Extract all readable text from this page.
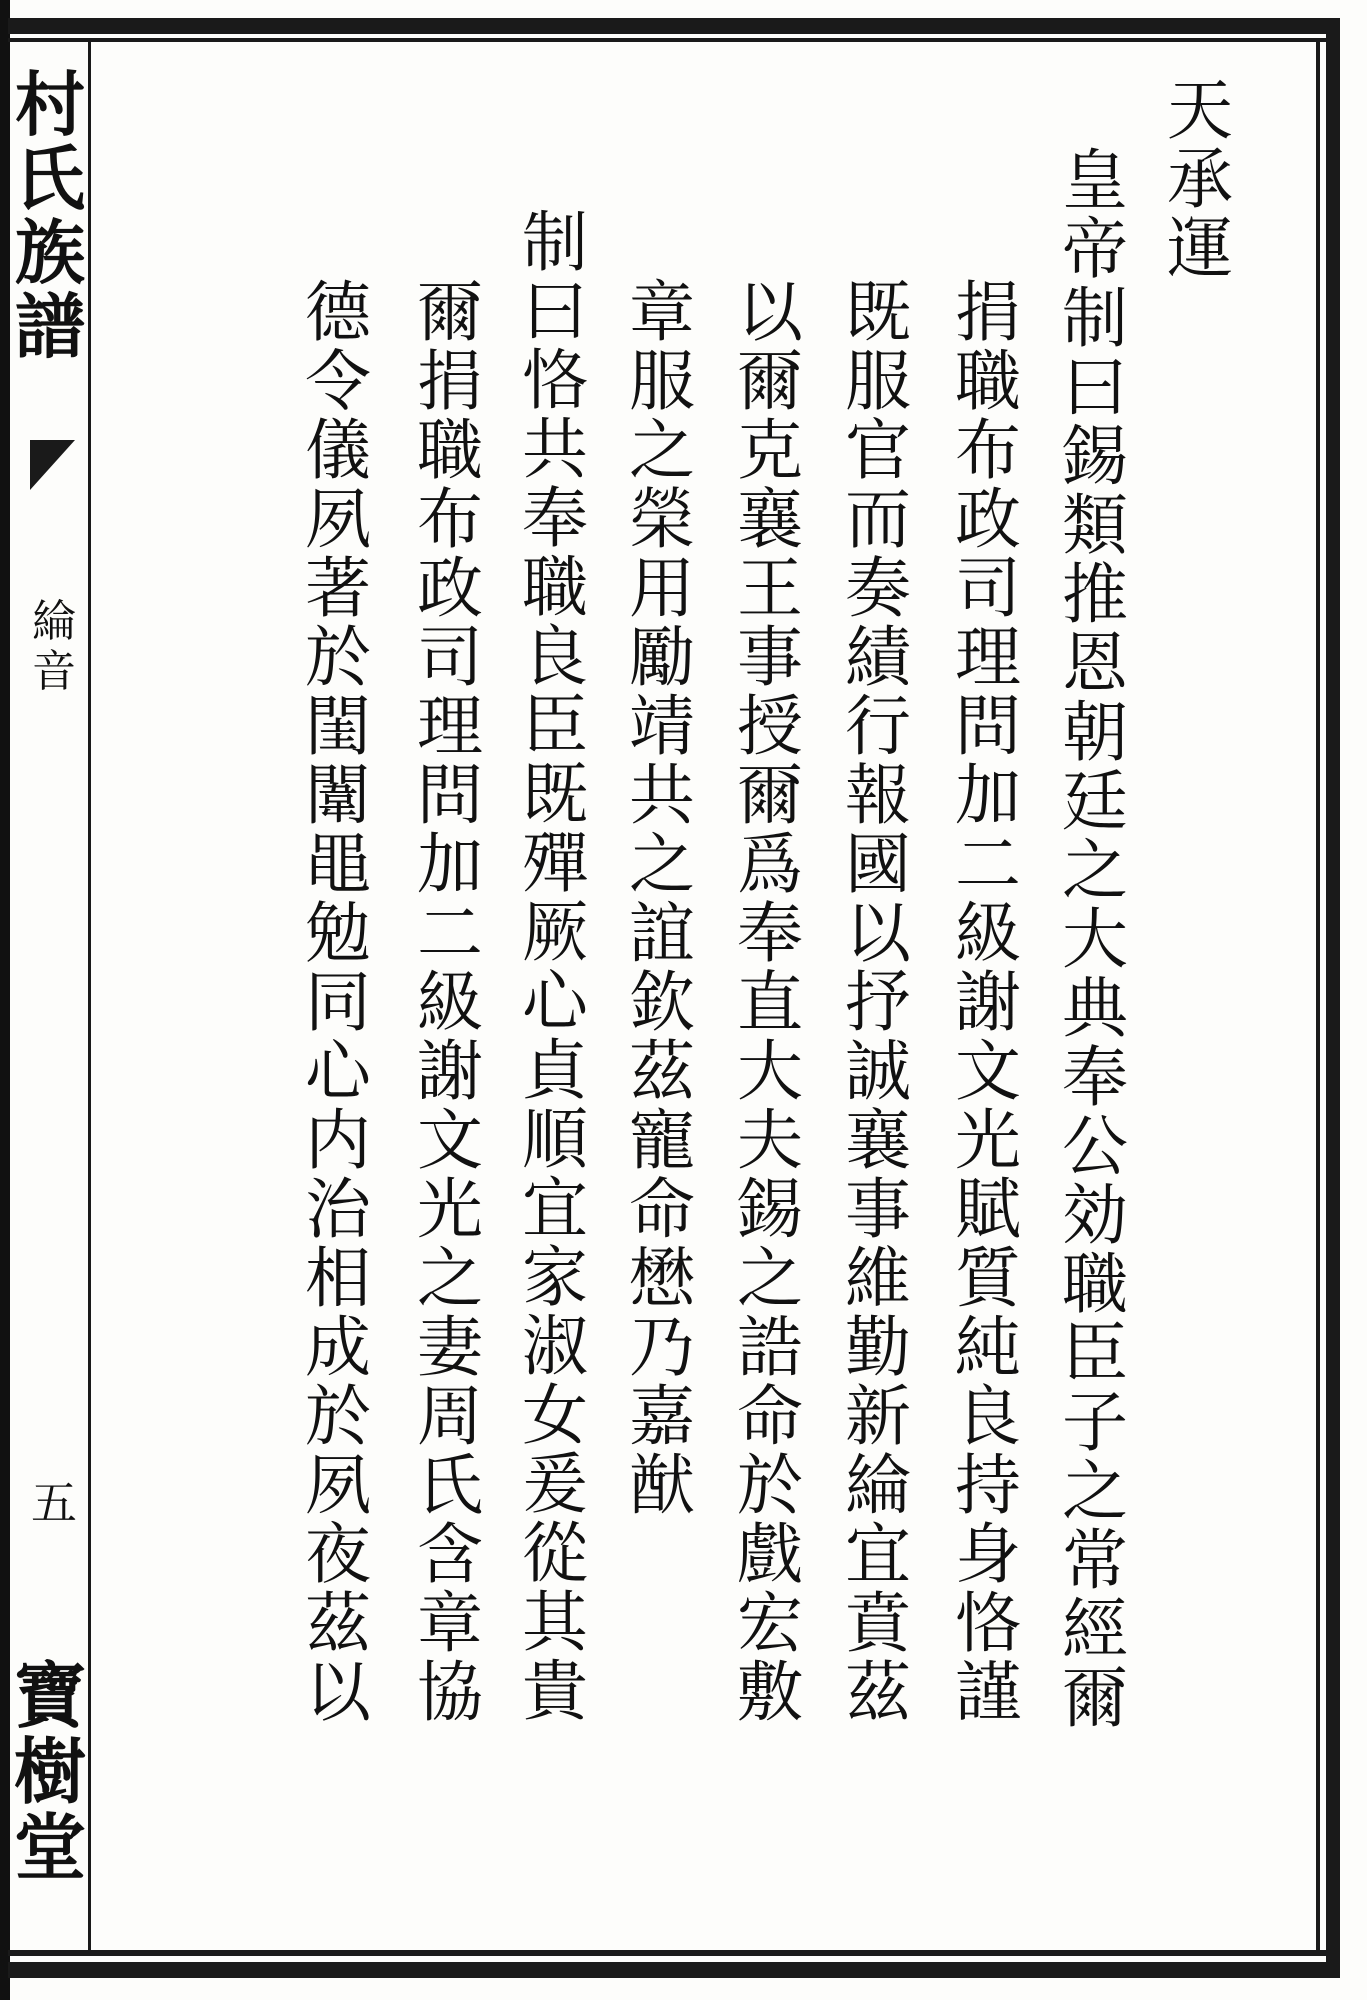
村
氏
族
譜
綸
音
五
寶
樹
堂
天
承
運
皇
帝
制
曰
錫
類
推
恩
朝
廷
之
大
典
奉
公
効
職
臣
子
之
常
經
爾
捐
職
布
政
司
理
問
加
二
級
謝
文
光
賦
質
純
良
持
身
恪
謹
既
服
官
而
奏
績
行
報
國
以
抒
誠
襄
事
維
勤
新
綸
宜
賁
茲
以
爾
克
襄
王
事
授
爾
爲
奉
直
大
夫
錫
之
誥
命
於
戲
宏
敷
章
服
之
榮
用
勵
靖
共
之
誼
欽
茲
寵
命
懋
乃
嘉
猷
制
曰
恪
共
奉
職
良
臣
既
殫
厥
心
貞
順
宜
家
淑
女
爰
從
其
貴
爾
捐
職
布
政
司
理
問
加
二
級
謝
文
光
之
妻
周
氏
含
章
協
德
令
儀
夙
著
於
閨
闈
黽
勉
同
心
内
治
相
成
於
夙
夜
茲
以
